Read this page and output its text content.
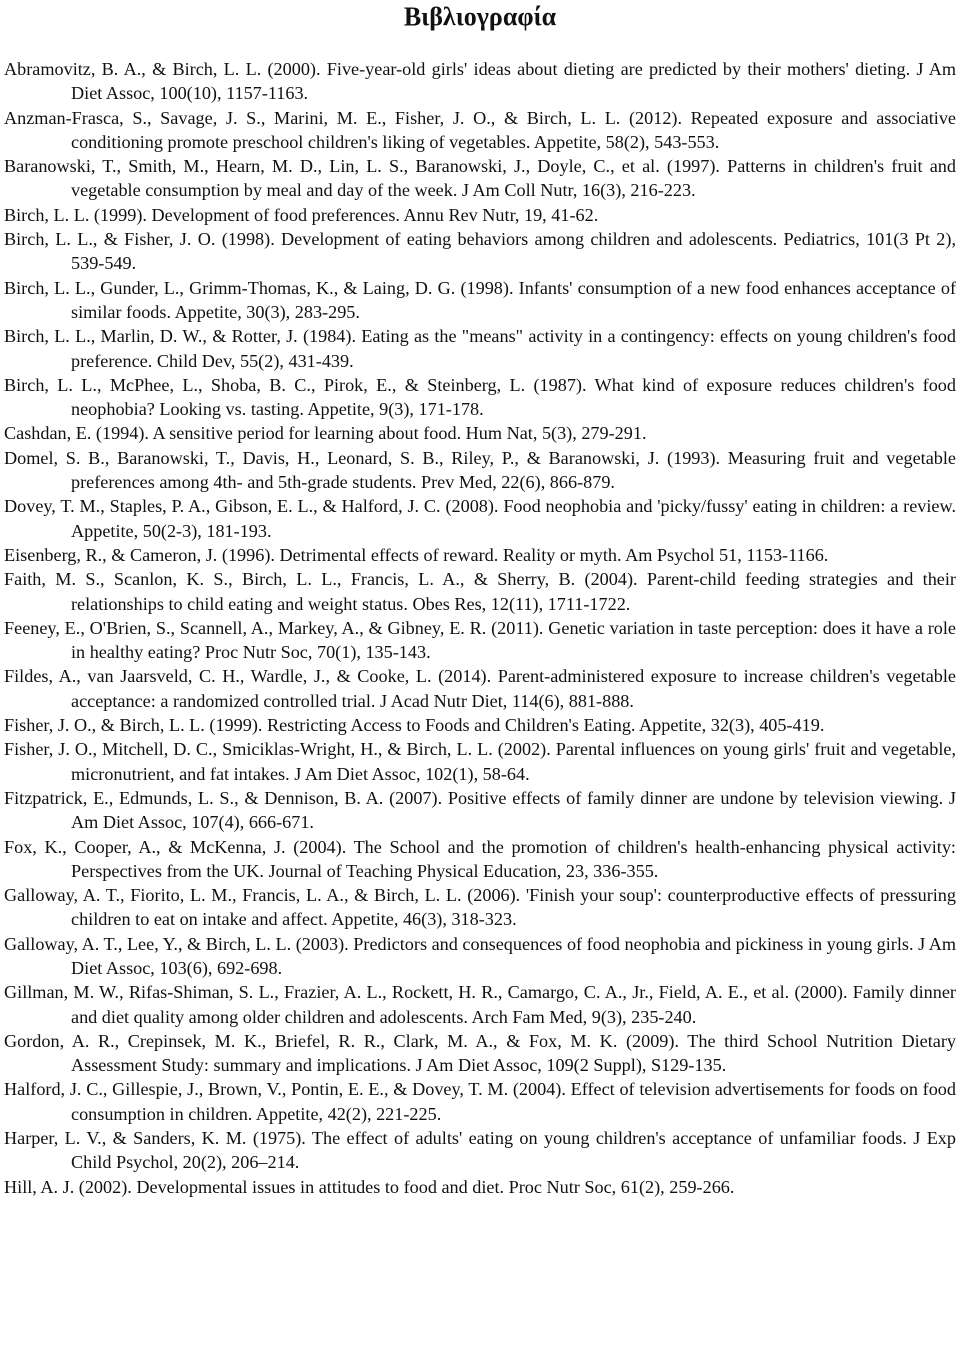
Βιβλιογραφία
Abramovitz, B. A., & Birch, L. L. (2000). Five-year-old girls' ideas about dieting are predicted by their mothers' dieting. J Am Diet Assoc, 100(10), 1157-1163.
Anzman-Frasca, S., Savage, J. S., Marini, M. E., Fisher, J. O., & Birch, L. L. (2012). Repeated exposure and associative conditioning promote preschool children's liking of vegetables. Appetite, 58(2), 543-553.
Baranowski, T., Smith, M., Hearn, M. D., Lin, L. S., Baranowski, J., Doyle, C., et al. (1997). Patterns in children's fruit and vegetable consumption by meal and day of the week. J Am Coll Nutr, 16(3), 216-223.
Birch, L. L. (1999). Development of food preferences. Annu Rev Nutr, 19, 41-62.
Birch, L. L., & Fisher, J. O. (1998). Development of eating behaviors among children and adolescents. Pediatrics, 101(3 Pt 2), 539-549.
Birch, L. L., Gunder, L., Grimm-Thomas, K., & Laing, D. G. (1998). Infants' consumption of a new food enhances acceptance of similar foods. Appetite, 30(3), 283-295.
Birch, L. L., Marlin, D. W., & Rotter, J. (1984). Eating as the "means" activity in a contingency: effects on young children's food preference. Child Dev, 55(2), 431-439.
Birch, L. L., McPhee, L., Shoba, B. C., Pirok, E., & Steinberg, L. (1987). What kind of exposure reduces children's food neophobia? Looking vs. tasting. Appetite, 9(3), 171-178.
Cashdan, E. (1994). A sensitive period for learning about food. Hum Nat, 5(3), 279-291.
Domel, S. B., Baranowski, T., Davis, H., Leonard, S. B., Riley, P., & Baranowski, J. (1993). Measuring fruit and vegetable preferences among 4th- and 5th-grade students. Prev Med, 22(6), 866-879.
Dovey, T. M., Staples, P. A., Gibson, E. L., & Halford, J. C. (2008). Food neophobia and 'picky/fussy' eating in children: a review. Appetite, 50(2-3), 181-193.
Eisenberg, R., & Cameron, J. (1996). Detrimental effects of reward. Reality or myth. Am Psychol 51, 1153-1166.
Faith, M. S., Scanlon, K. S., Birch, L. L., Francis, L. A., & Sherry, B. (2004). Parent-child feeding strategies and their relationships to child eating and weight status. Obes Res, 12(11), 1711-1722.
Feeney, E., O'Brien, S., Scannell, A., Markey, A., & Gibney, E. R. (2011). Genetic variation in taste perception: does it have a role in healthy eating? Proc Nutr Soc, 70(1), 135-143.
Fildes, A., van Jaarsveld, C. H., Wardle, J., & Cooke, L. (2014). Parent-administered exposure to increase children's vegetable acceptance: a randomized controlled trial. J Acad Nutr Diet, 114(6), 881-888.
Fisher, J. O., & Birch, L. L. (1999). Restricting Access to Foods and Children's Eating. Appetite, 32(3), 405-419.
Fisher, J. O., Mitchell, D. C., Smiciklas-Wright, H., & Birch, L. L. (2002). Parental influences on young girls' fruit and vegetable, micronutrient, and fat intakes. J Am Diet Assoc, 102(1), 58-64.
Fitzpatrick, E., Edmunds, L. S., & Dennison, B. A. (2007). Positive effects of family dinner are undone by television viewing. J Am Diet Assoc, 107(4), 666-671.
Fox, K., Cooper, A., & McKenna, J. (2004). The School and the promotion of children's health-enhancing physical activity: Perspectives from the UK. Journal of Teaching Physical Education, 23, 336-355.
Galloway, A. T., Fiorito, L. M., Francis, L. A., & Birch, L. L. (2006). 'Finish your soup': counterproductive effects of pressuring children to eat on intake and affect. Appetite, 46(3), 318-323.
Galloway, A. T., Lee, Y., & Birch, L. L. (2003). Predictors and consequences of food neophobia and pickiness in young girls. J Am Diet Assoc, 103(6), 692-698.
Gillman, M. W., Rifas-Shiman, S. L., Frazier, A. L., Rockett, H. R., Camargo, C. A., Jr., Field, A. E., et al. (2000). Family dinner and diet quality among older children and adolescents. Arch Fam Med, 9(3), 235-240.
Gordon, A. R., Crepinsek, M. K., Briefel, R. R., Clark, M. A., & Fox, M. K. (2009). The third School Nutrition Dietary Assessment Study: summary and implications. J Am Diet Assoc, 109(2 Suppl), S129-135.
Halford, J. C., Gillespie, J., Brown, V., Pontin, E. E., & Dovey, T. M. (2004). Effect of television advertisements for foods on food consumption in children. Appetite, 42(2), 221-225.
Harper, L. V., & Sanders, K. M. (1975). The effect of adults' eating on young children's acceptance of unfamiliar foods. J Exp Child Psychol, 20(2), 206–214.
Hill, A. J. (2002). Developmental issues in attitudes to food and diet. Proc Nutr Soc, 61(2), 259-266.
